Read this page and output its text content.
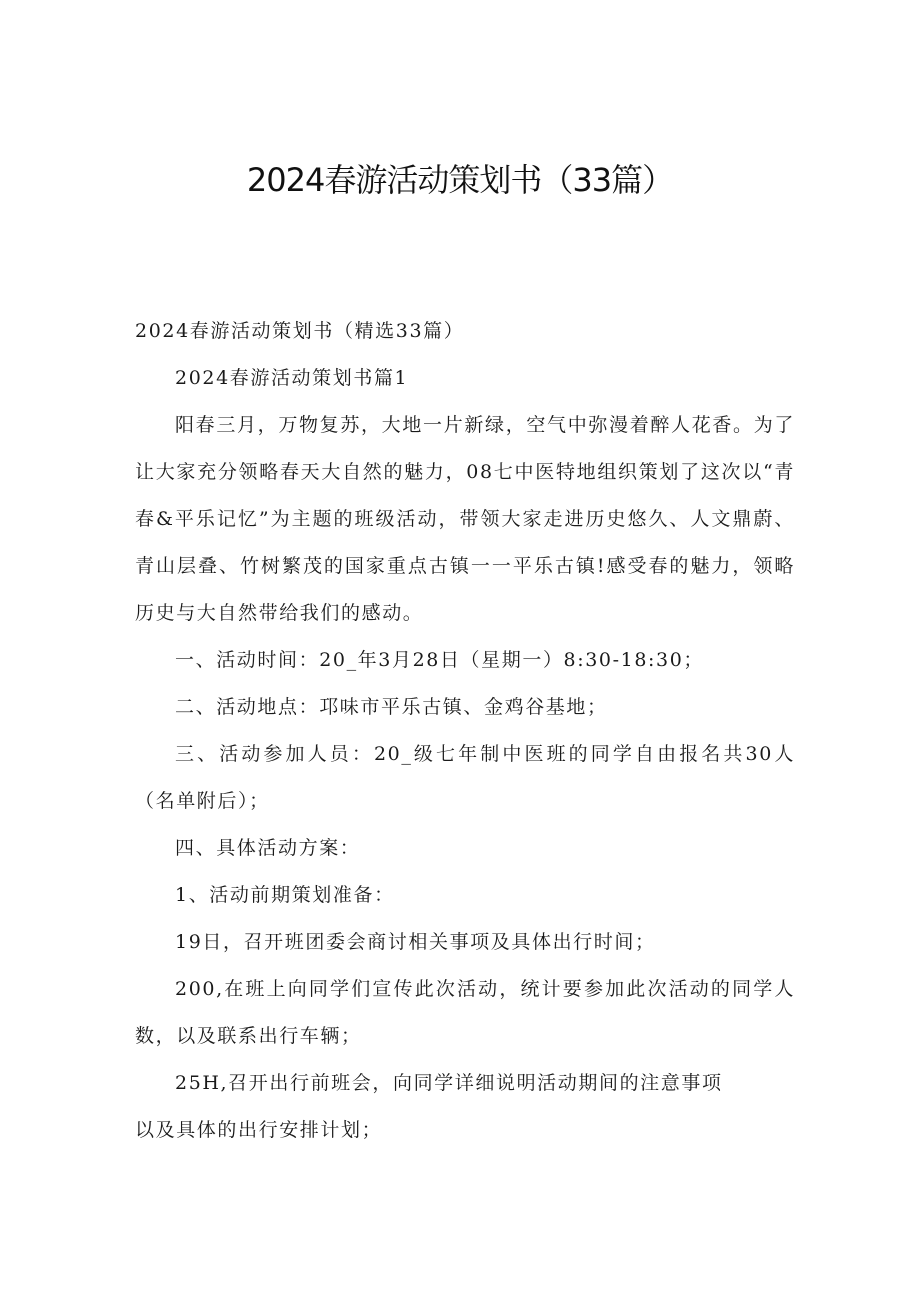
2024春游活动策划书（33篇）

2024春游活动策划书（精选33篇）

2024春游活动策划书篇1

阳春三月，万物复苏，大地一片新绿，空气中弥漫着醉人花香。为了让大家充分领略春天大自然的魅力，08七中医特地组织策划了这次以“青春&平乐记忆”为主题的班级活动，带领大家走进历史悠久、人文鼎蔚、青山层叠、竹树繁茂的国家重点古镇一一平乐古镇!感受春的魅力，领略历史与大自然带给我们的感动。

一、活动时间：20_年3月28日（星期一）8:30-18:30；

二、活动地点：邛味市平乐古镇、金鸡谷基地；

三、活动参加人员：20_级七年制中医班的同学自由报名共30人（名单附后）；

四、具体活动方案：

1、活动前期策划准备：

19日，召开班团委会商讨相关事项及具体出行时间；

200,在班上向同学们宣传此次活动，统计要参加此次活动的同学人数，以及联系出行车辆；

25H,召开出行前班会，向同学详细说明活动期间的注意事项

以及具体的出行安排计划；
